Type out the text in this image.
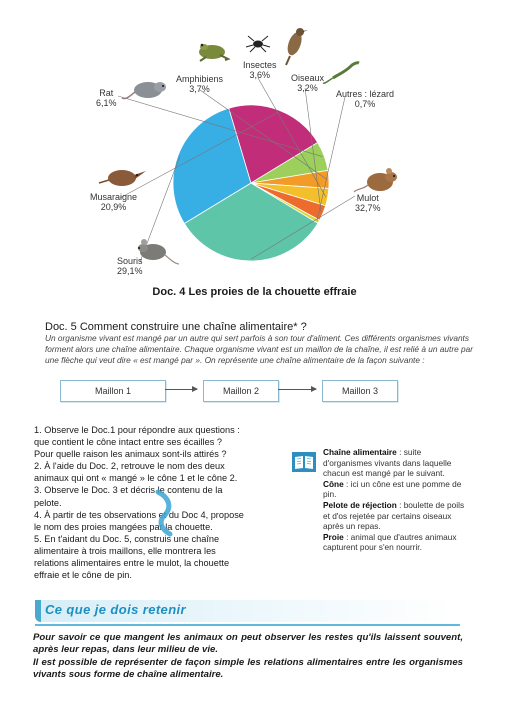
Rat
6,1%
Amphibiens
3,7%
Insectes
3,6%	Oiseaux
3,2%
Autres : lézard
0,7%
Musaraigne
20,9%
Souris
29,1%
Mulot
32,7%
Doc. 4 Les proies de la chouette effraie
Doc. 5 Comment construire une chaîne alimentaire* ?
Un organisme vivant est mangé par un autre qui sert parfois à son tour d'aliment. Ces différents organismes vivants forment alors une chaîne alimentaire. Chaque organisme vivant est un maillon de la chaîne, il est relié à un autre par une flèche qui veut dire « est mangé par ». On représente une chaîne alimentaire de la façon suivante :
Maillon 1	Maillon 2	Maillon 3
1. Observe le Doc.1 pour répondre aux questions :
que contient le cône intact entre ses écailles ?
Pour quelle raison les animaux sont-ils attirés ?
2. À l'aide du Doc. 2, retrouve le nom des deux
animaux qui ont « mangé » le cône 1 et le cône 2.
3. Observe le Doc. 3 et décris le contenu de la
pelote.
4. À partir de tes observations et du Doc 4, propose
le nom des proies mangées par la chouette.
5. En t'aidant du Doc. 5, construis une chaîne
alimentaire à trois maillons, elle montrera les
relations alimentaires entre le mulot, la chouette
effraie et le cône de pin.

Chaîne alimentaire : suite d'organismes vivants dans laquelle chacun est mangé par le suivant.

Cône : ici un cône est une pomme de pin.

Pelote de réjection : boulette de poils et d'os rejetée par certains oiseaux après un repas.

Proie : animal que d'autres animaux capturent pour s'en nourrir.

Ce que je dois retenir

Pour savoir ce que mangent les animaux on peut observer les restes qu'ils laissent souvent, après leur repas, dans leur milieu de vie.

Il est possible de représenter de façon simple les relations alimentaires entre les organismes vivants sous forme de chaîne alimentaire.
